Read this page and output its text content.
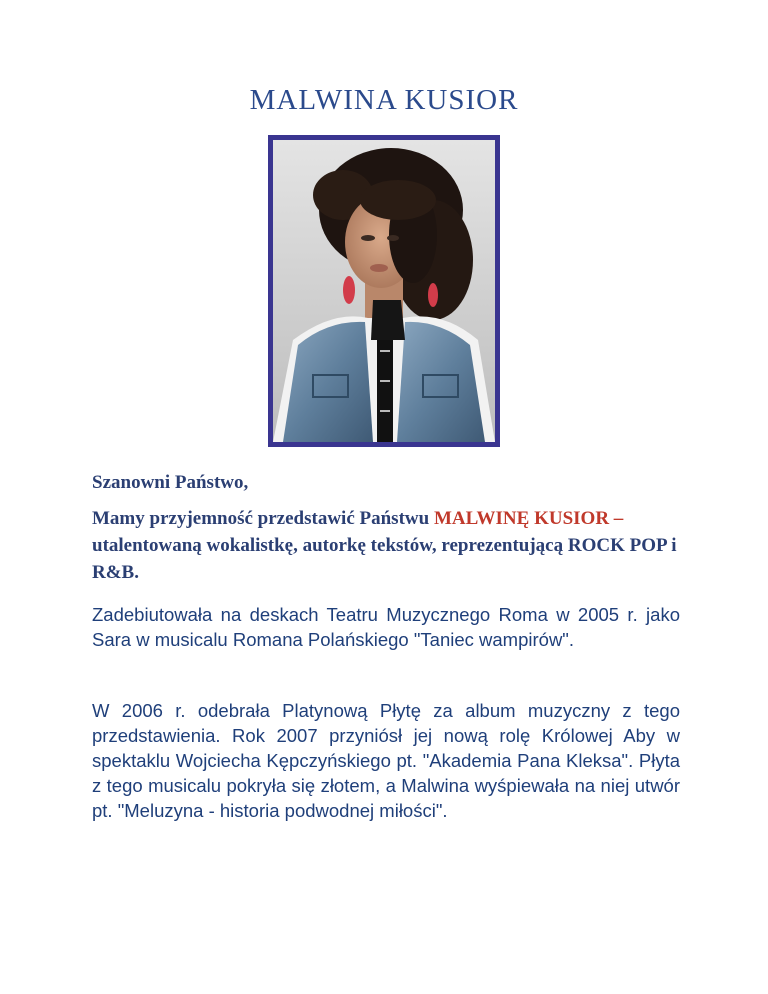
MALWINA KUSIOR

Szanowni Państwo,

Mamy przyjemność przedstawić Państwu MALWINĘ KUSIOR – utalentowaną wokalistkę, autorkę tekstów, reprezentującą ROCK POP i R&B.

Zadebiutowała na deskach Teatru Muzycznego Roma w 2005 r. jako Sara w musicalu Romana Polańskiego "Taniec wampirów".

W 2006 r. odebrała Platynową Płytę za album muzyczny z tego przedstawienia. Rok 2007 przyniósł jej nową rolę Królowej Aby w spektaklu Wojciecha Kępczyńskiego pt. "Akademia Pana Kleksa". Płyta z tego musicalu pokryła się złotem, a Malwina wyśpiewała na niej utwór pt. "Meluzyna - historia podwodnej miłości".
